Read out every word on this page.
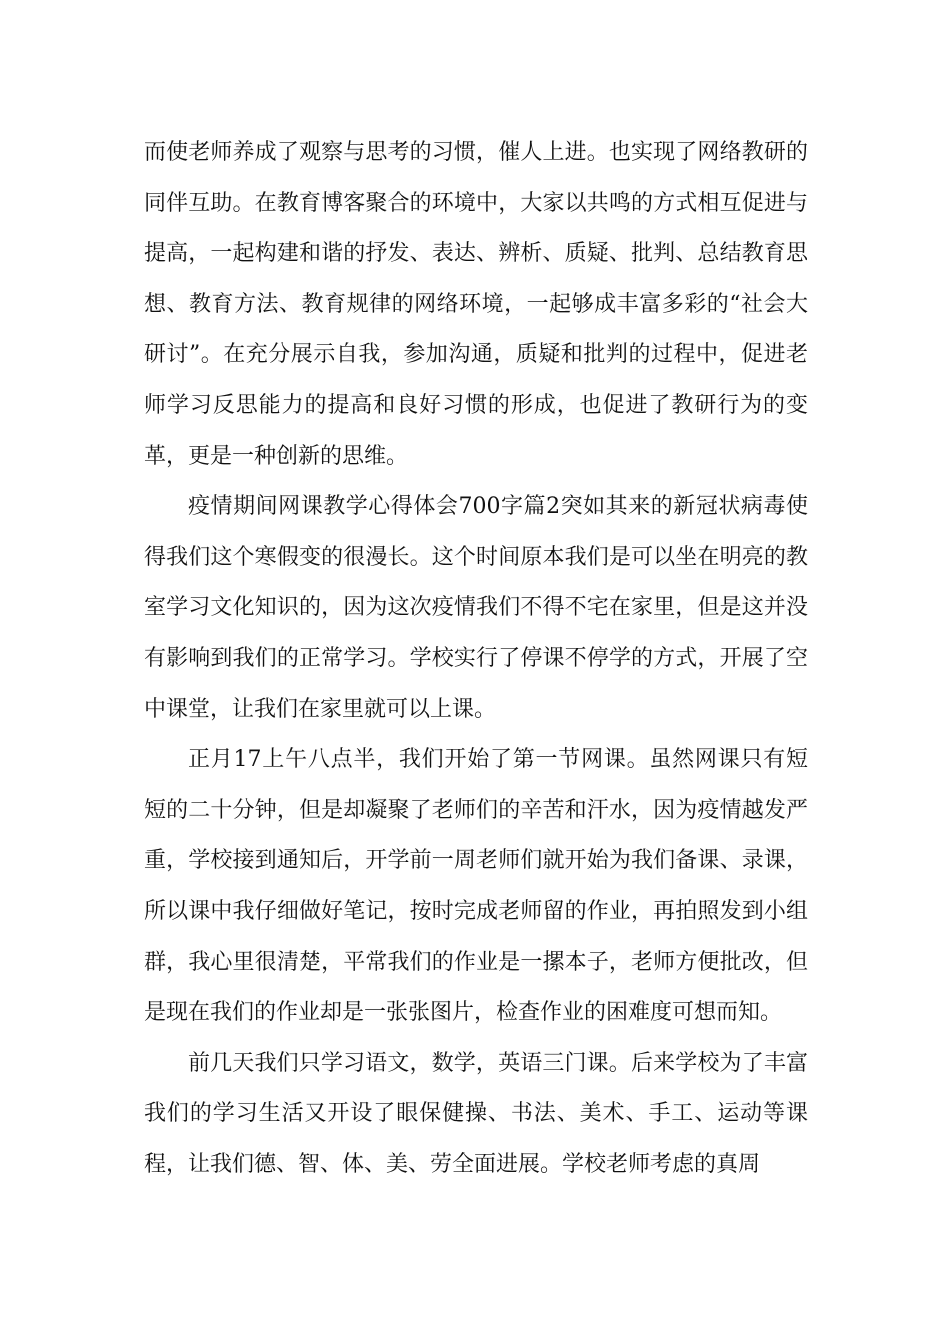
而使老师养成了观察与思考的习惯，催人上进。也实现了网络教研的同伴互助。在教育博客聚合的环境中，大家以共鸣的方式相互促进与提高，一起构建和谐的抒发、表达、辨析、质疑、批判、总结教育思想、教育方法、教育规律的网络环境，一起够成丰富多彩的“社会大研讨”。在充分展示自我，参加沟通，质疑和批判的过程中，促进老师学习反思能力的提高和良好习惯的形成，也促进了教研行为的变革，更是一种创新的思维。

疫情期间网课教学心得体会700字篇2突如其来的新冠状病毒使得我们这个寒假变的很漫长。这个时间原本我们是可以坐在明亮的教室学习文化知识的，因为这次疫情我们不得不宅在家里，但是这并没有影响到我们的正常学习。学校实行了停课不停学的方式，开展了空中课堂，让我们在家里就可以上课。

正月17上午八点半，我们开始了第一节网课。虽然网课只有短短的二十分钟，但是却凝聚了老师们的辛苦和汗水，因为疫情越发严重，学校接到通知后，开学前一周老师们就开始为我们备课、录课，所以课中我仔细做好笔记，按时完成老师留的作业，再拍照发到小组群，我心里很清楚，平常我们的作业是一摞本子，老师方便批改，但是现在我们的作业却是一张张图片，检查作业的困难度可想而知。

前几天我们只学习语文，数学，英语三门课。后来学校为了丰富我们的学习生活又开设了眼保健操、书法、美术、手工、运动等课程，让我们德、智、体、美、劳全面进展。学校老师考虑的真周
